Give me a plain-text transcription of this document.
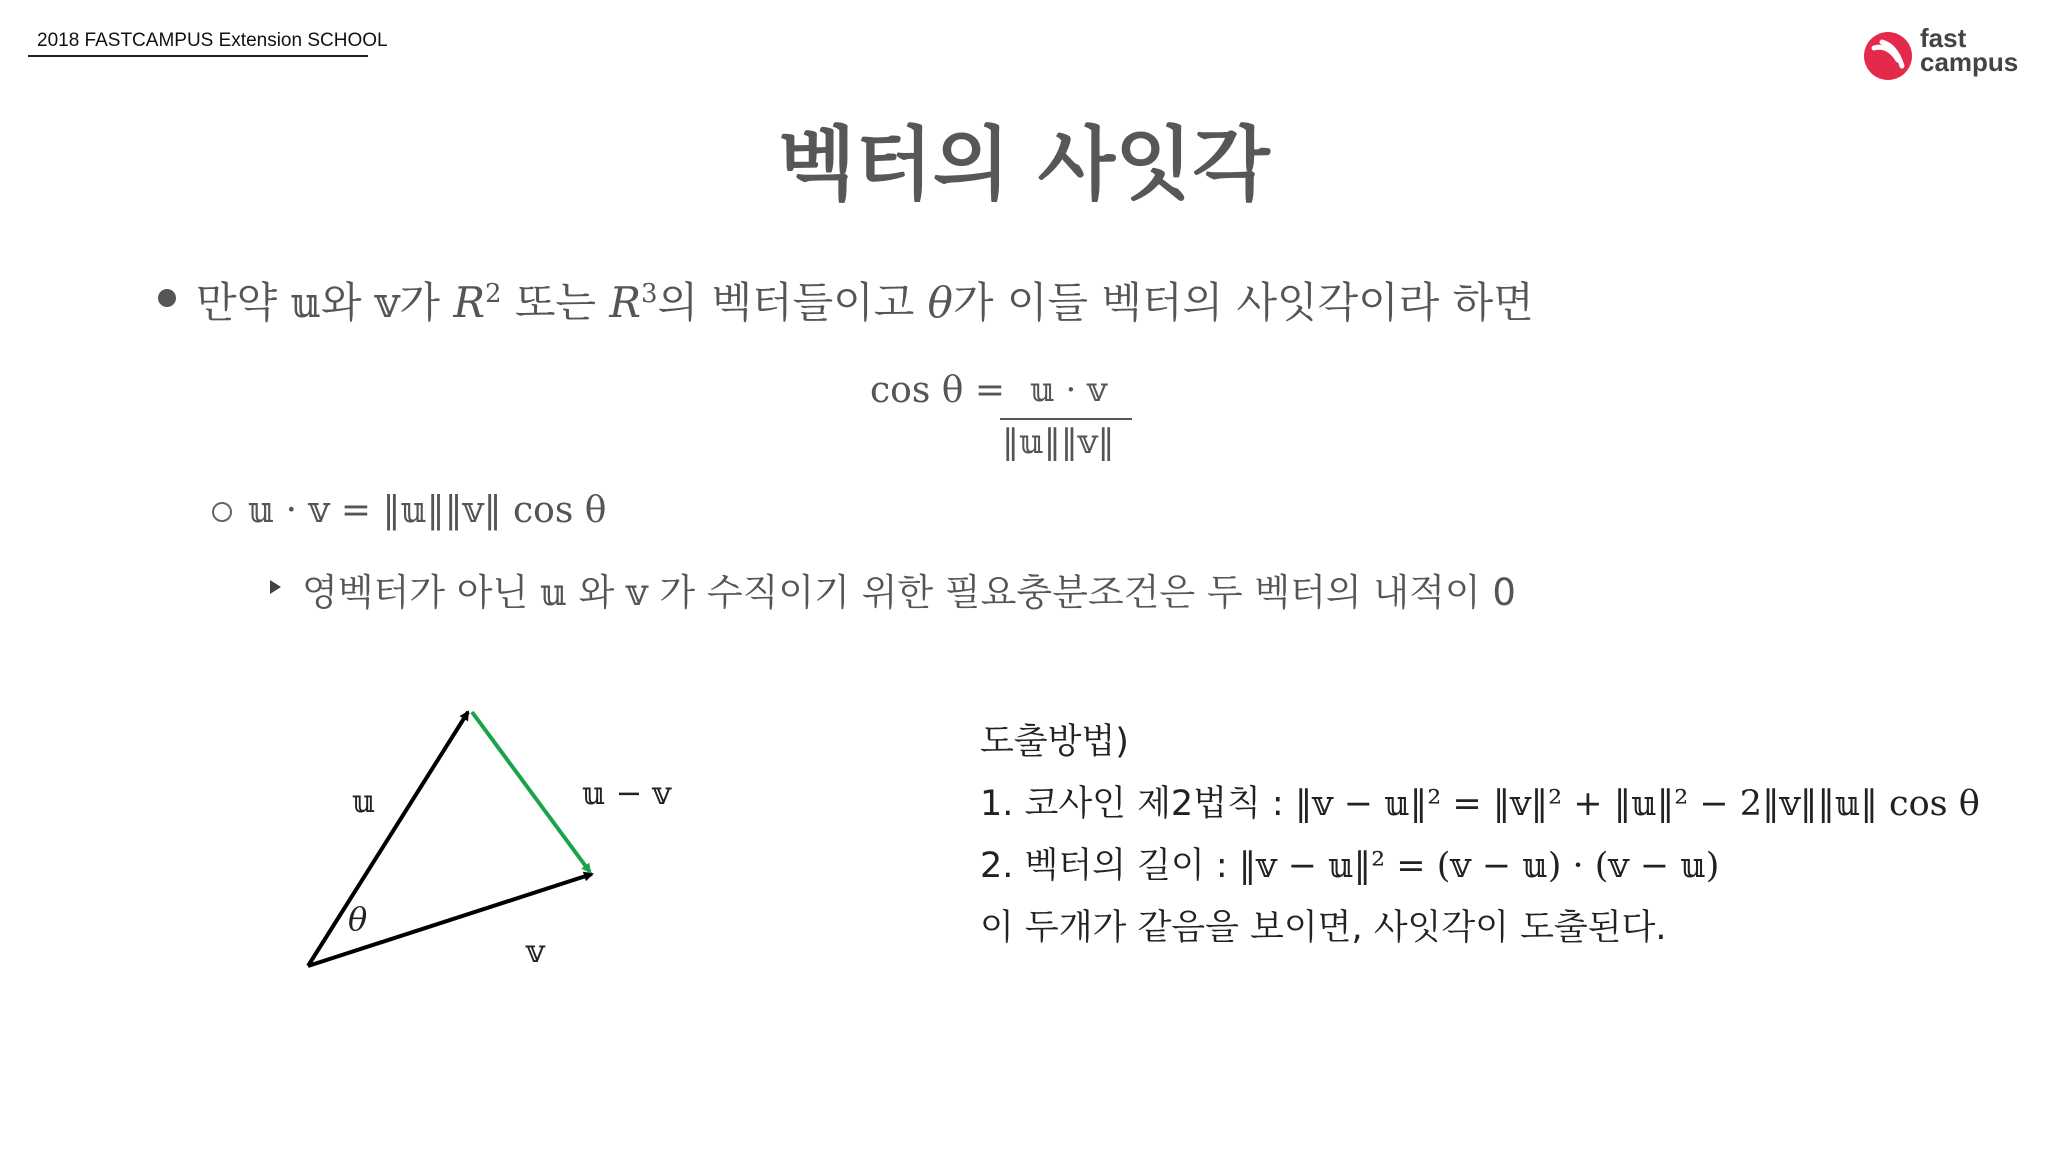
2018 FASTCAMPUS Extension SCHOOL	fast
campus
벡터의 사잇각
만약 𝕦와 𝕧가 $R^2$ 또는 $R^3$의 벡터들이고 θ가 이들 벡터의 사잇각이라 하면
cos θ = 𝕦 · 𝕧
‖𝕦‖‖𝕧‖
𝕦 · 𝕧 = ‖𝕦‖‖𝕧‖ cos θ
영벡터가 아닌 𝕦 와 𝕧 가 수직이기 위한 필요충분조건은 두 벡터의 내적이 0
𝕦	𝕦 − 𝕧
𝕧
θ
도출방법)
1. 코사인 제2법칙 : ‖𝕧 − 𝕦‖² = ‖𝕧‖² + ‖𝕦‖² − 2‖𝕧‖‖𝕦‖ cos θ
2. 벡터의 길이 : ‖𝕧 − 𝕦‖² = (𝕧 − 𝕦) · (𝕧 − 𝕦)
이 두개가 같음을 보이면, 사잇각이 도출된다.
